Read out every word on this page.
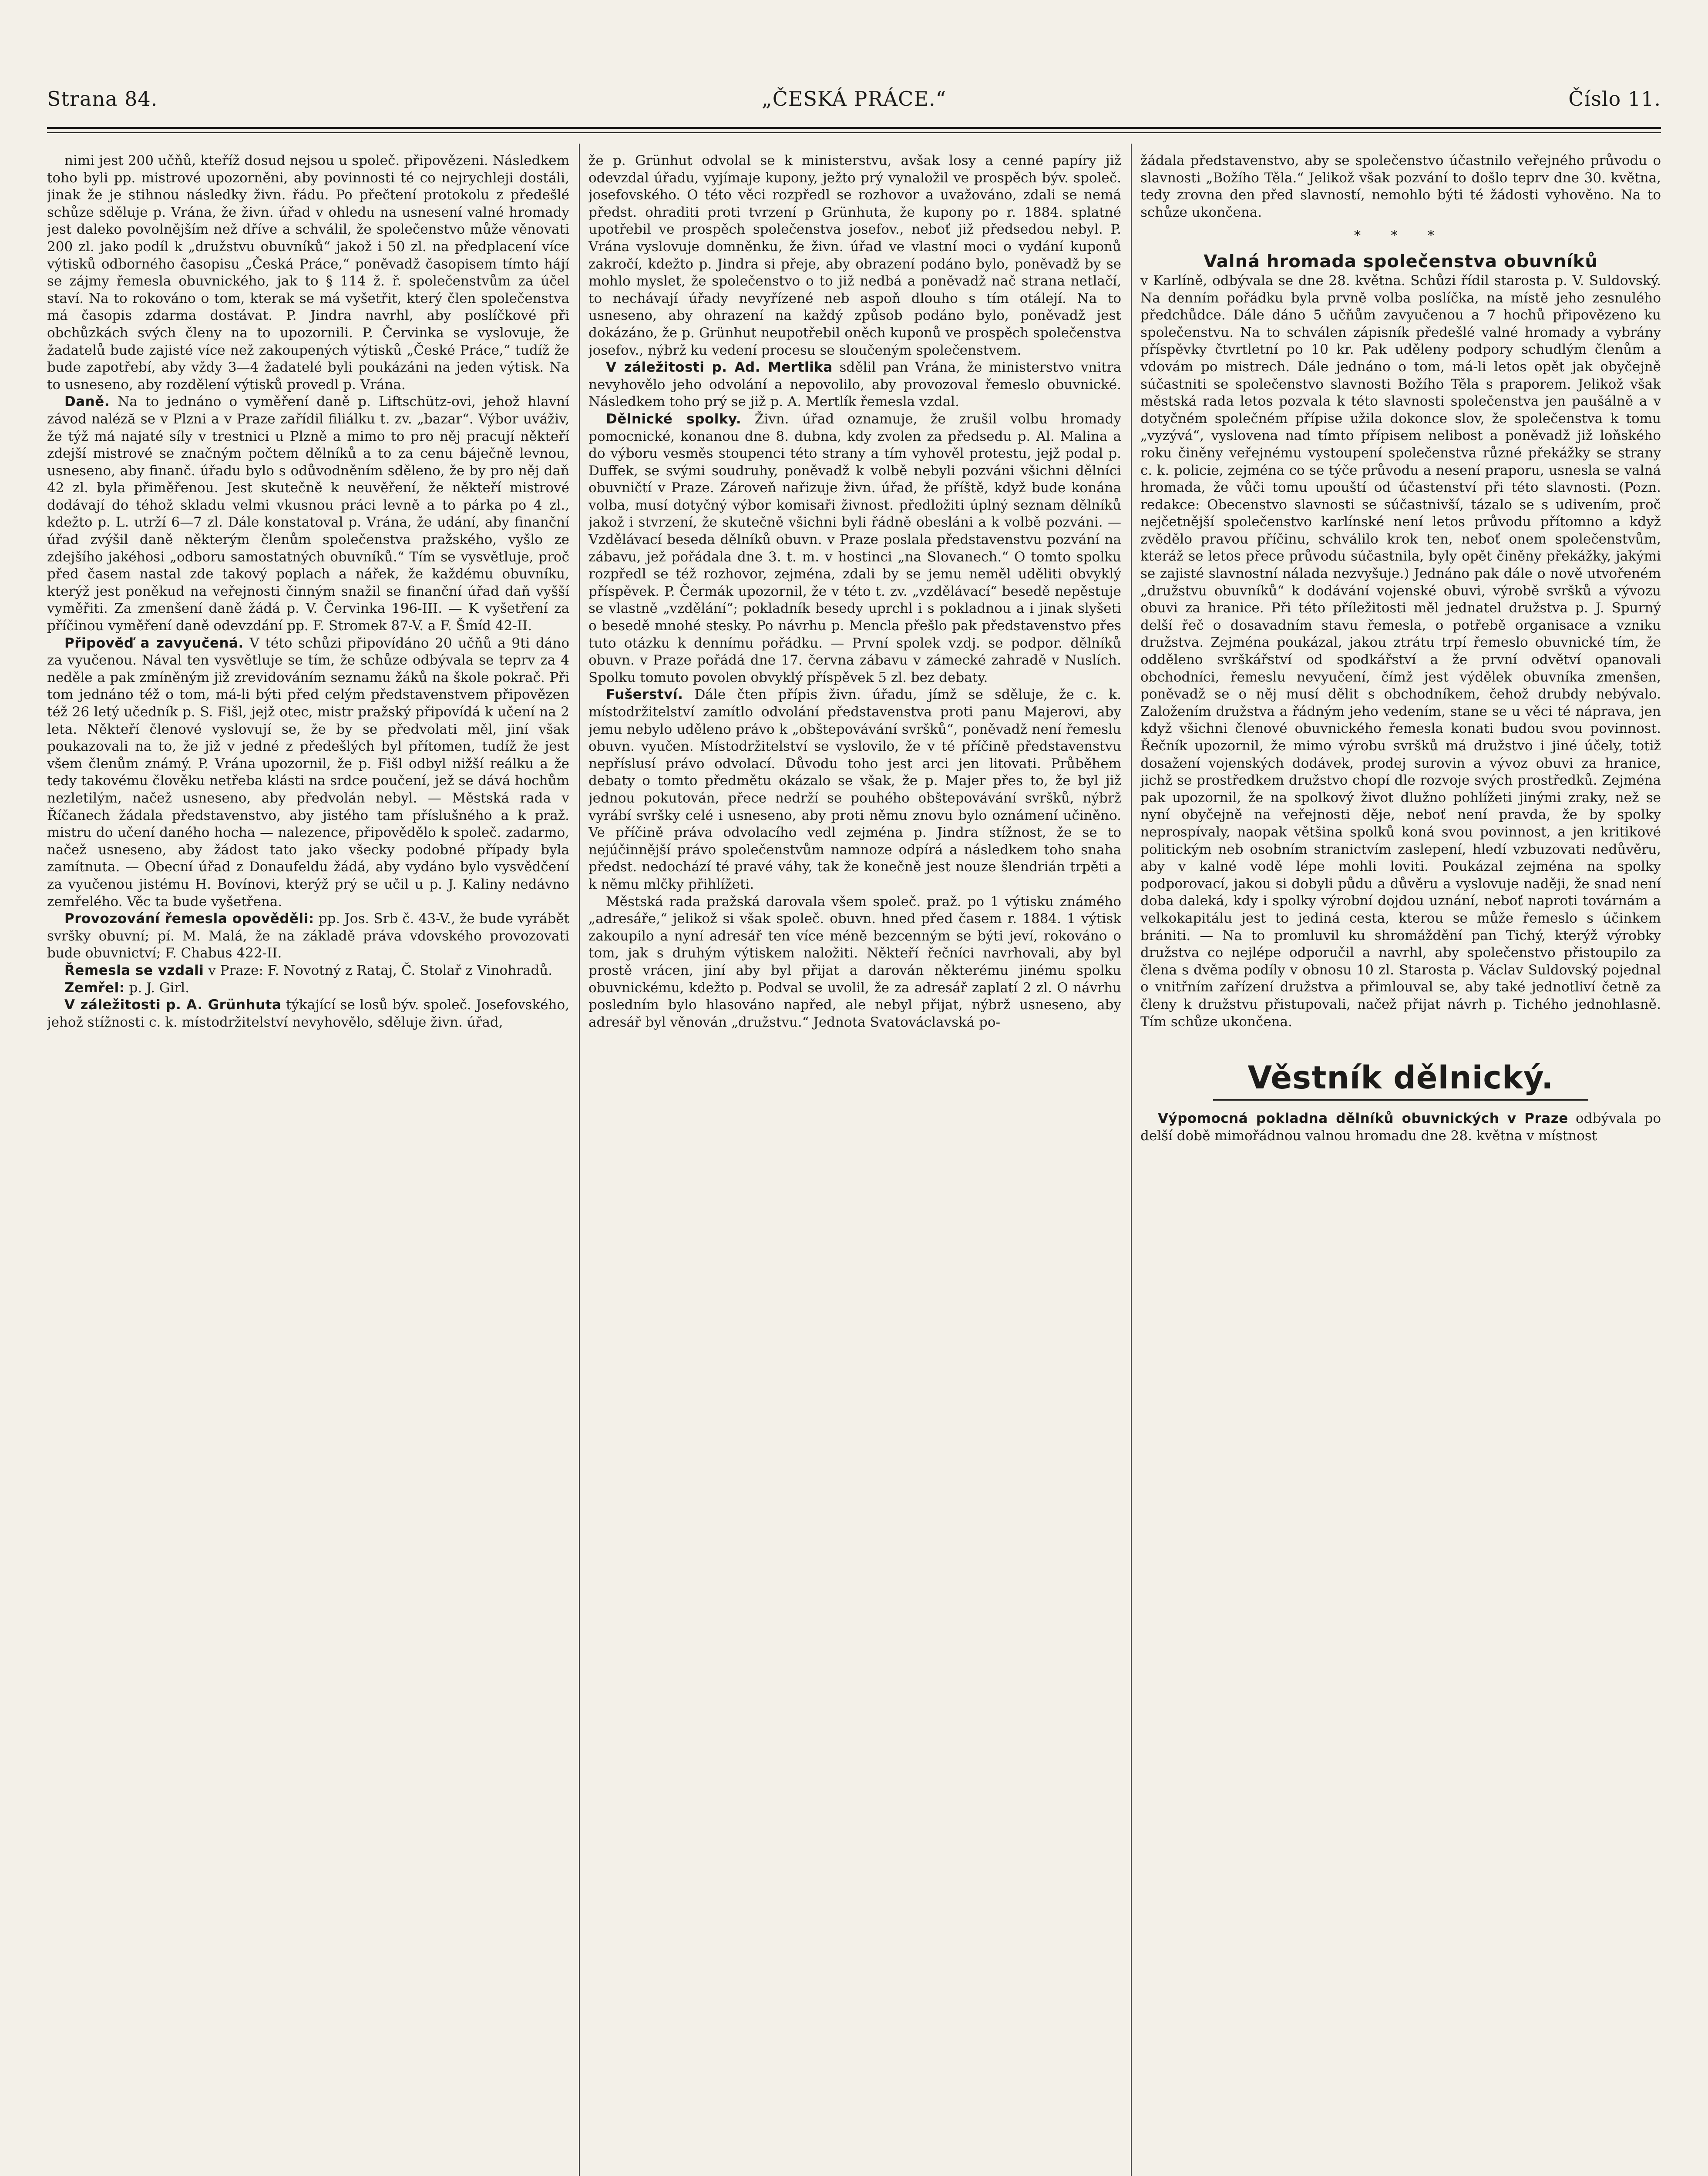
Strana 84.	„ČESKÁ PRÁCE.“	Číslo 11.

nimi jest 200 učňů, kteříž dosud nejsou u společ. připovězeni. Následkem toho byli pp. mistrové upozorněni, aby povinnosti té co nejrychleji dostáli, jinak že je stihnou následky živn. řádu. Po přečtení protokolu z předešlé schůze sděluje p. Vrána, že živn. úřad v ohledu na usnesení valné hromady jest daleko povolnějším než dříve a schválil, že společenstvo může věnovati 200 zl. jako podíl k „družstvu obuvníků“ jakož i 50 zl. na předplacení více výtisků odborného časopisu „Česká Práce,“ poněvadž časopisem tímto hájí se zájmy řemesla obuvnického, jak to § 114 ž. ř. společenstvům za účel staví. Na to rokováno o tom, kterak se má vyšetřit, který člen společenstva má časopis zdarma dostávat. P. Jindra navrhl, aby poslíčkové při obchůzkách svých členy na to upozornili. P. Červinka se vyslovuje, že žadatelů bude zajisté více než zakoupených výtisků „České Práce,“ tudíž že bude zapotřebí, aby vždy 3—4 žadatelé byli poukázáni na jeden výtisk. Na to usneseno, aby rozdělení výtisků provedl p. Vrána.

Daně. Na to jednáno o vyměření daně p. Liftschütz-ovi, jehož hlavní závod naléză se v Plzni a v Praze zařídil filiálku t. zv. „bazar“. Výbor uváživ, že týž má najaté síly v trestnici u Plzně a mimo to pro něj pracují někteří zdejší mistrové se značným počtem dělníků a to za cenu báječně levnou, usneseno, aby finanč. úřadu bylo s odůvodněním sděleno, že by pro něj daň 42 zl. byla přiměřenou. Jest skutečně k neuvěření, že někteří mistrové dodávají do téhož skladu velmi vkusnou práci levně a to párka po 4 zl., kdežto p. L. utrží 6—7 zl. Dále konstatoval p. Vrána, že udání, aby finanční úřad zvýšil daně některým členům společenstva pražského, vyšlo ze zdejšího jakéhosi „odboru samostatných obuvníků.“ Tím se vysvětluje, proč před časem nastal zde takový poplach a nářek, že každému obuvníku, kterýž jest poněkud na veřejnosti činným snažil se finanční úřad daň vyšší vyměřiti. Za zmenšení daně žádá p. V. Červinka 196-III. — K vyšetření za příčinou vyměření daně odevzdání pp. F. Stromek 87-V. a F. Šmíd 42-II.

Připověď a zavyučená. V této schůzi připovídáno 20 učňů a 9ti dáno za vyučenou. Nával ten vysvětluje se tím, že schůze odbývala se teprv za 4 neděle a pak zmíněným již zrevidováním seznamu žáků na škole pokrač. Při tom jednáno též o tom, má-li býti před celým představenstvem připovězen též 26 letý učedník p. S. Fišl, jejž otec, mistr pražský připovídá k učení na 2 leta. Někteří členové vyslovují se, že by se předvolati měl, jiní však poukazovali na to, že již v jedné z předešlých byl přítomen, tudíž že jest všem členům známý. P. Vrána upozornil, že p. Fišl odbyl nižší reálku a že tedy takovému člověku netřeba klásti na srdce poučení, jež se dává hochům nezletilým, načež usneseno, aby předvolán nebyl. — Městská rada v Říčanech žádala představenstvo, aby jistého tam příslušného a k praž. mistru do učení daného hocha — nalezence, připovědělo k společ. zadarmo, načež usneseno, aby žádost tato jako všecky podobné případy byla zamítnuta. — Obecní úřad z Donaufeldu žádá, aby vydáno bylo vysvědčení za vyučenou jistému H. Bovínovi, kterýž prý se učil u p. J. Kaliny nedávno zemřelého. Věc ta bude vyšetřena.

Provozování řemesla opověděli: pp. Jos. Srb č. 43-V., že bude vyrábět svršky obuvní; pí. M. Malá, že na základě práva vdovského provozovati bude obuvnictví; F. Chabus 422-II.

Řemesla se vzdali v Praze: F. Novotný z Rataj, Č. Stolař z Vinohradů.

Zemřel: p. J. Girl.

V záležitosti p. A. Grünhuta týkající se losů býv. společ. Josefovského, jehož stížnosti c. k. místodržitelství nevyhovělo, sděluje živn. úřad,

že p. Grünhut odvolal se k ministerstvu, avšak losy a cenné papíry již odevzdal úřadu, vyjímaje kupony, ježto prý vynaložil ve prospěch býv. společ. josefovského. O této věci rozpředl se rozhovor a uvažováno, zdali se nemá předst. ohraditi proti tvrzení p Grünhuta, že kupony po r. 1884. splatné upotřebil ve prospěch společenstva josefov., neboť již předsedou nebyl. P. Vrána vyslovuje domněnku, že živn. úřad ve vlastní moci o vydání kuponů zakročí, kdežto p. Jindra si přeje, aby obrazení podáno bylo, poněvadž by se mohlo myslet, že společenstvo o to již nedbá a poněvadž nač strana netlačí, to nechávají úřady nevyřízené neb aspoň dlouho s tím otálejí. Na to usneseno, aby ohrazení na každý způsob podáno bylo, poněvadž jest dokázáno, že p. Grünhut neupotřebil oněch kuponů ve prospěch společenstva josefov., nýbrž ku vedení procesu se sloučeným společenstvem.

V záležitosti p. Ad. Mertlika sdělil pan Vrána, že ministerstvo vnitra nevyhovělo jeho odvolání a nepovolilo, aby provozoval řemeslo obuvnické. Následkem toho prý se již p. A. Mertlík řemesla vzdal.

Dělnické spolky. Živn. úřad oznamuje, že zrušil volbu hromady pomocnické, konanou dne 8. dubna, kdy zvolen za předsedu p. Al. Malina a do výboru vesměs stoupenci této strany a tím vyhověl protestu, jejž podal p. Duffek, se svými soudruhy, poněvadž k volbě nebyli pozváni všichni dělníci obuvničtí v Praze. Zároveň nařizuje živn. úřad, že příště, když bude konána volba, musí dotyčný výbor komisaři živnost. předložiti úplný seznam dělníků jakož i stvrzení, že skutečně všichni byli řádně obesláni a k volbě pozváni. — Vzdělávací beseda dělníků obuvn. v Praze poslala představenstvu pozvání na zábavu, jež pořádala dne 3. t. m. v hostinci „na Slovanech.“ O tomto spolku rozpředl se též rozhovor, zejména, zdali by se jemu neměl uděliti obvyklý příspěvek. P. Čermák upozornil, že v této t. zv. „vzdělávací“ besedě nepěstuje se vlastně „vzdělání“; pokladník besedy uprchl i s pokladnou a i jinak slyšeti o besedě mnohé stesky. Po návrhu p. Mencla přešlo pak představenstvo přes tuto otázku k dennímu pořádku. — První spolek vzdj. se podpor. dělníků obuvn. v Praze pořádá dne 17. června zábavu v zámecké zahradě v Nuslích. Spolku tomuto povolen obvyklý příspěvek 5 zl. bez debaty.

Fušerství. Dále čten přípis živn. úřadu, jímž se sděluje, že c. k. místodržitelství zamítlo odvolání představenstva proti panu Majerovi, aby jemu nebylo uděleno právo k „obštepovávání svršků“, poněvadž není řemeslu obuvn. vyučen. Místodržitelství se vyslovilo, že v té příčině představenstvu nepříslusí právo odvolací. Důvodu toho jest arci jen litovati. Průběhem debaty o tomto předmětu okázalo se však, že p. Majer přes to, že byl již jednou pokutován, přece nedrží se pouhého obštepovávání svršků, nýbrž vyrábí svršky celé i usneseno, aby proti němu znovu bylo oznámení učiněno. Ve příčině práva odvolacího vedl zejména p. Jindra stížnost, že se to nejúčinnější právo společenstvům namnoze odpírá a následkem toho snaha předst. nedochází té pravé váhy, tak že konečně jest nouze šlendrián trpěti a k němu mlčky přihlížeti.

Městská rada pražská darovala všem společ. praž. po 1 výtisku známého „adresáře,“ jelikož si však společ. obuvn. hned před časem r. 1884. 1 výtisk zakoupilo a nyní adresář ten více méně bezcenným se býti jeví, rokováno o tom, jak s druhým výtiskem naložiti. Někteří řečníci navrhovali, aby byl prostě vrácen, jiní aby byl přijat a darován některému jinému spolku obuvnickému, kdežto p. Podval se uvolil, že za adresář zaplatí 2 zl. O návrhu posledním bylo hlasováno napřed, ale nebyl přijat, nýbrž usneseno, aby adresář byl věnován „družstvu.“ Jednota Svatováclavská po-

žádala představenstvo, aby se společenstvo účastnilo veřejného průvodu o slavnosti „Božího Těla.“ Jelikož však pozvání to došlo teprv dne 30. května, tedy zrovna den před slavností, nemohlo býti té žádosti vyhověno. Na to schůze ukončena.

* * *
Valná hromada společenstva obuvníků

v Karlíně, odbývala se dne 28. května. Schůzi řídil starosta p. V. Suldovský. Na denním pořádku byla prvně volba poslíčka, na místě jeho zesnulého předchůdce. Dále dáno 5 učňům zavyučenou a 7 hochů připovězeno ku společenstvu. Na to schválen zápisník předešlé valné hromady a vybrány příspěvky čtvrtletní po 10 kr. Pak uděleny podpory schudlým členům a vdovám po mistrech. Dále jednáno o tom, má-li letos opět jak obyčejně súčastniti se společenstvo slavnosti Božího Těla s praporem. Jelikož však městská rada letos pozvala k této slavnosti společenstva jen paušálně a v dotyčném společném přípise užila dokonce slov, že společenstva k tomu „vyzývá“, vyslovena nad tímto přípisem nelibost a poněvadž již loňského roku činěny veřejnému vystoupení společenstva různé překážky se strany c. k. policie, zejména co se týče průvodu a nesení praporu, usnesla se valná hromada, že vůči tomu upouští od účastenství při této slavnosti. (Pozn. redakce: Obecenstvo slavnosti se súčastnivší, tázalo se s udivením, proč nejčetnější společenstvo karlínské není letos průvodu přítomno a když zvědělo pravou příčinu, schválilo krok ten, neboť onem společenstvům, kteráž se letos přece průvodu súčastnila, byly opět činěny překážky, jakými se zajisté slavnostní nálada nezvyšuje.) Jednáno pak dále o nově utvořeném „družstvu obuvníků“ k dodávání vojenské obuvi, výrobě svršků a vývozu obuvi za hranice. Při této příležitosti měl jednatel družstva p. J. Spurný delší řeč o dosavadním stavu řemesla, o potřebě organisace a vzniku družstva. Zejména poukázal, jakou ztrátu trpí řemeslo obuvnické tím, že odděleno svrškářství od spodkářství a že první odvětví opanovali obchodníci, řemeslu nevyučení, čímž jest výdělek obuvníka zmenšen, poněvadž se o něj musí dělit s obchodníkem, čehož drubdy nebývalo. Založením družstva a řádným jeho vedením, stane se u věci té náprava, jen když všichni členové obuvnického řemesla konati budou svou povinnost. Řečník upozornil, že mimo výrobu svršků má družstvo i jiné účely, totiž dosažení vojenských dodávek, prodej surovin a vývoz obuvi za hranice, jichž se prostředkem družstvo chopí dle rozvoje svých prostředků. Zejména pak upozornil, že na spolkový život dlužno pohlížeti jinými zraky, než se nyní obyčejně na veřejnosti děje, neboť není pravda, že by spolky neprospívaly, naopak většina spolků koná svou povinnost, a jen kritikové politickým neb osobním stranictvím zaslepení, hledí vzbuzovati nedůvěru, aby v kalné vodě lépe mohli loviti. Poukázal zejména na spolky podporovací, jakou si dobyli půdu a důvěru a vyslovuje naději, že snad není doba daleká, kdy i spolky výrobní dojdou uznání, neboť naproti továrnám a velkokapitálu jest to jediná cesta, kterou se může řemeslo s účinkem brániti. — Na to promluvil ku shromáždění pan Tichý, kterýž výrobky družstva co nejlépe odporučil a navrhl, aby společenstvo přistoupilo za člena s dvěma podíly v obnosu 10 zl. Starosta p. Václav Suldovský pojednal o vnitřním zařízení družstva a přimlouval se, aby také jednotliví četně za členy k družstvu přistupovali, načež přijat návrh p. Tichého jednohlasně. Tím schůze ukončena.

Věstník dělnický.

Výpomocná pokladna dělníků obuvnických v Praze odbývala po delší době mimořádnou valnou hromadu dne 28. května v místnost
